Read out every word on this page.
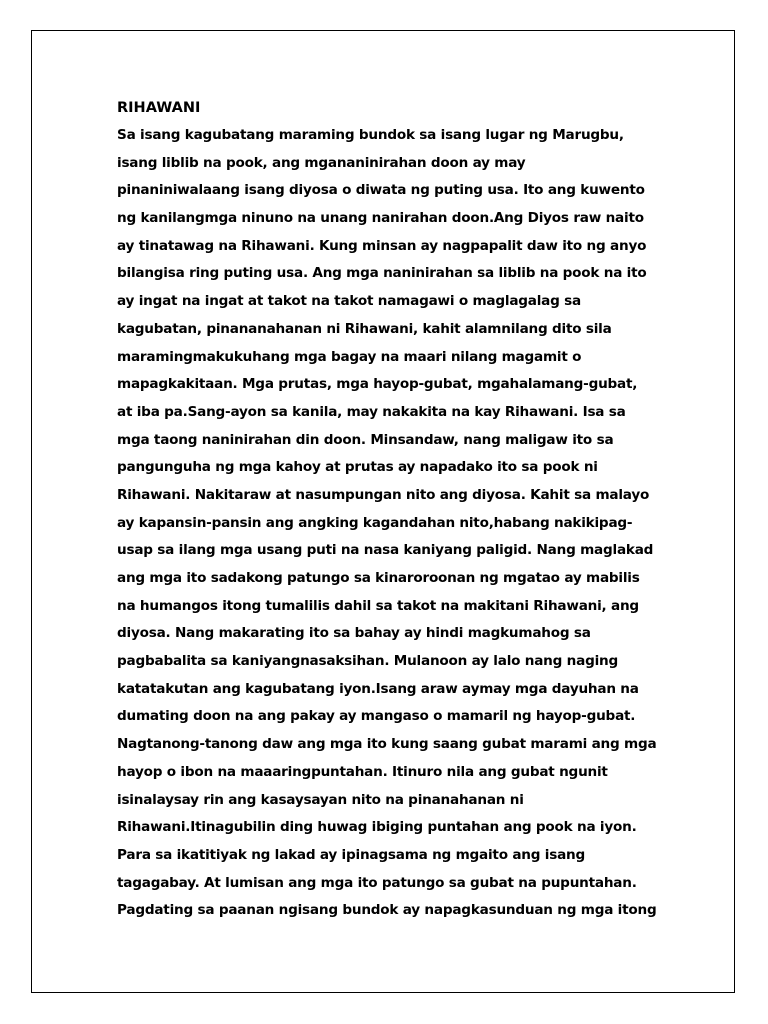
RIHAWANI
Sa isang kagubatang maraming bundok sa isang lugar ng Marugbu,
isang liblib na pook, ang mgananinirahan doon ay may
pinaniniwalaang isang diyosa o diwata ng puting usa. Ito ang kuwento
ng kanilangmga ninuno na unang nanirahan doon.Ang Diyos raw naito
ay tinatawag na Rihawani. Kung minsan ay nagpapalit daw ito ng anyo
bilangisa ring puting usa. Ang mga naninirahan sa liblib na pook na ito
ay ingat na ingat at takot na takot namagawi o maglagalag sa
kagubatan, pinananahanan ni Rihawani, kahit alamnilang dito sila
maramingmakukuhang mga bagay na maari nilang magamit o
mapagkakitaan. Mga prutas, mga hayop-gubat, mgahalamang-gubat,
at iba pa.Sang-ayon sa kanila, may nakakita na kay Rihawani. Isa sa
mga taong naninirahan din doon. Minsandaw, nang maligaw ito sa
pangunguha ng mga kahoy at prutas ay napadako ito sa pook ni
Rihawani. Nakitaraw at nasumpungan nito ang diyosa. Kahit sa malayo
ay kapansin-pansin ang angking kagandahan nito,habang nakikipag-
usap sa ilang mga usang puti na nasa kaniyang paligid. Nang maglakad
ang mga ito sadakong patungo sa kinaroroonan ng mgatao ay mabilis
na humangos itong tumalilis dahil sa takot na makitani Rihawani, ang
diyosa. Nang makarating ito sa bahay ay hindi magkumahog sa
pagbabalita sa kaniyangnasaksihan. Mulanoon ay lalo nang naging
katatakutan ang kagubatang iyon.Isang araw aymay mga dayuhan na
dumating doon na ang pakay ay mangaso o mamaril ng hayop-gubat.
Nagtanong-tanong daw ang mga ito kung saang gubat marami ang mga
hayop o ibon na maaaringpuntahan. Itinuro nila ang gubat ngunit
isinalaysay rin ang kasaysayan nito na pinanahanan ni
Rihawani.Itinagubilin ding huwag ibiging puntahan ang pook na iyon.
Para sa ikatitiyak ng lakad ay ipinagsama ng mgaito ang isang
tagagabay. At lumisan ang mga ito patungo sa gubat na pupuntahan.
Pagdating sa paanan ngisang bundok ay napagkasunduan ng mga itong
